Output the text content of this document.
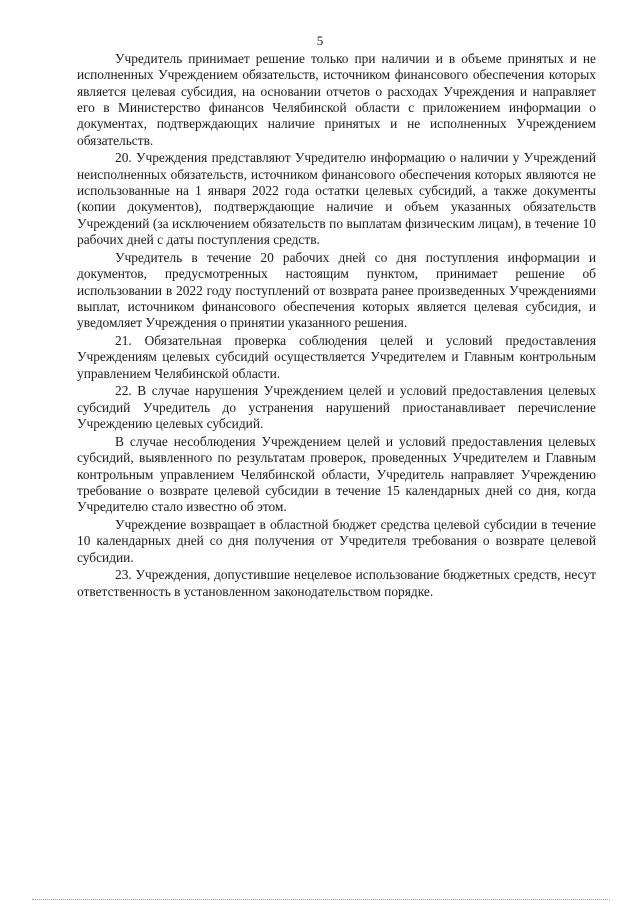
5

Учредитель принимает решение только при наличии и в объеме принятых и не исполненных Учреждением обязательств, источником финансового обеспечения которых является целевая субсидия, на основании отчетов о расходах Учреждения и направляет его в Министерство финансов Челябинской области с приложением информации о документах, подтверждающих наличие принятых и не исполненных Учреждением обязательств.

20. Учреждения представляют Учредителю информацию о наличии у Учреждений неисполненных обязательств, источником финансового обеспечения которых являются не использованные на 1 января 2022 года остатки целевых субсидий, а также документы (копии документов), подтверждающие наличие и объем указанных обязательств Учреждений (за исключением обязательств по выплатам физическим лицам), в течение 10 рабочих дней с даты поступления средств.

Учредитель в течение 20 рабочих дней со дня поступления информации и документов, предусмотренных настоящим пунктом, принимает решение об использовании в 2022 году поступлений от возврата ранее произведенных Учреждениями выплат, источником финансового обеспечения которых является целевая субсидия, и уведомляет Учреждения о принятии указанного решения.

21. Обязательная проверка соблюдения целей и условий предоставления Учреждениям целевых субсидий осуществляется Учредителем и Главным контрольным управлением Челябинской области.

22. В случае нарушения Учреждением целей и условий предоставления целевых субсидий Учредитель до устранения нарушений приостанавливает перечисление Учреждению целевых субсидий.

В случае несоблюдения Учреждением целей и условий предоставления целевых субсидий, выявленного по результатам проверок, проведенных Учредителем и Главным контрольным управлением Челябинской области, Учредитель направляет Учреждению требование о возврате целевой субсидии в течение 15 календарных дней со дня, когда Учредителю стало известно об этом.

Учреждение возвращает в областной бюджет средства целевой субсидии в течение 10 календарных дней со дня получения от Учредителя требования о возврате целевой субсидии.

23. Учреждения, допустившие нецелевое использование бюджетных средств, несут ответственность в установленном законодательством порядке.
